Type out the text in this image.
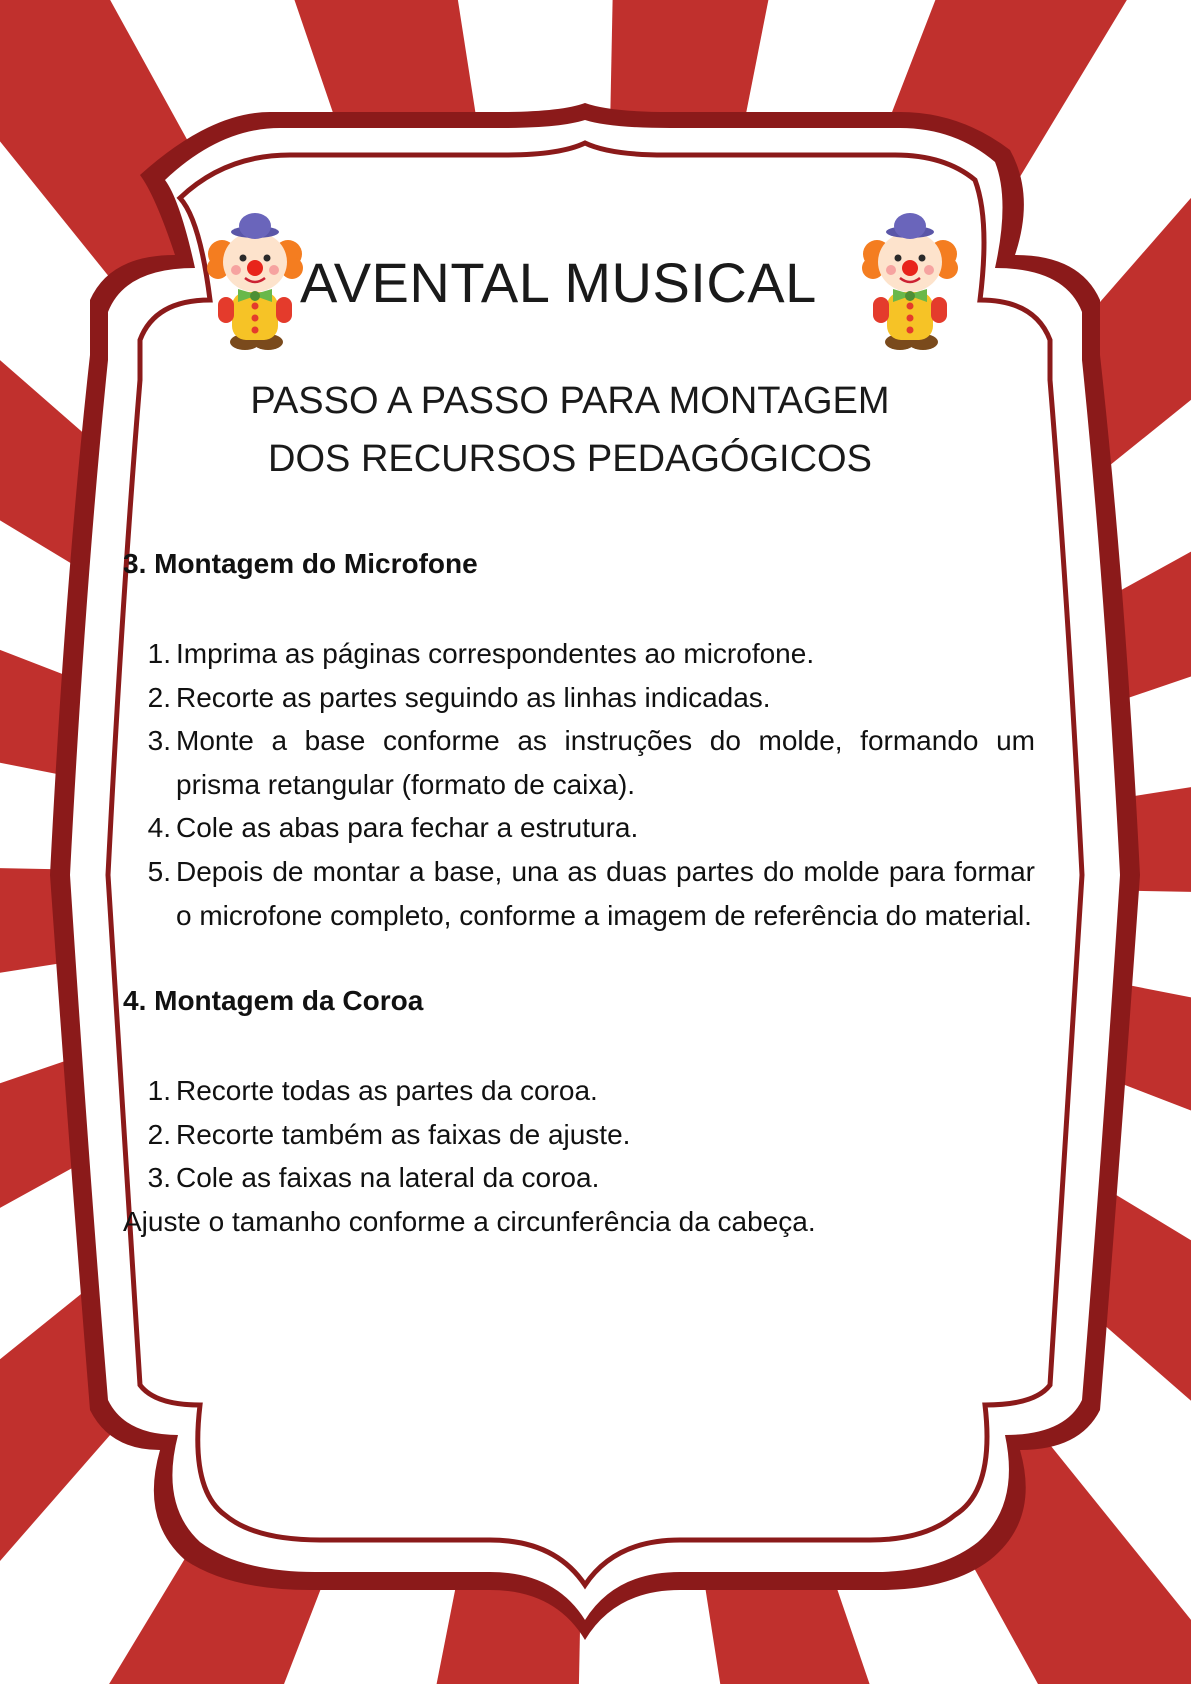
AVENTAL MUSICAL
PASSO A PASSO PARA MONTAGEM
DOS RECURSOS PEDAGÓGICOS
3. Montagem do Microfone
1. Imprima as páginas correspondentes ao microfone.
2. Recorte as partes seguindo as linhas indicadas.
3. Monte a base conforme as instruções do molde, formando um prisma retangular (formato de caixa).
4. Cole as abas para fechar a estrutura.
5. Depois de montar a base, una as duas partes do molde para formar o microfone completo, conforme a imagem de referência do material.
4. Montagem da Coroa
1. Recorte todas as partes da coroa.
2. Recorte também as faixas de ajuste.
3. Cole as faixas na lateral da coroa.

Ajuste o tamanho conforme a circunferência da cabeça.
